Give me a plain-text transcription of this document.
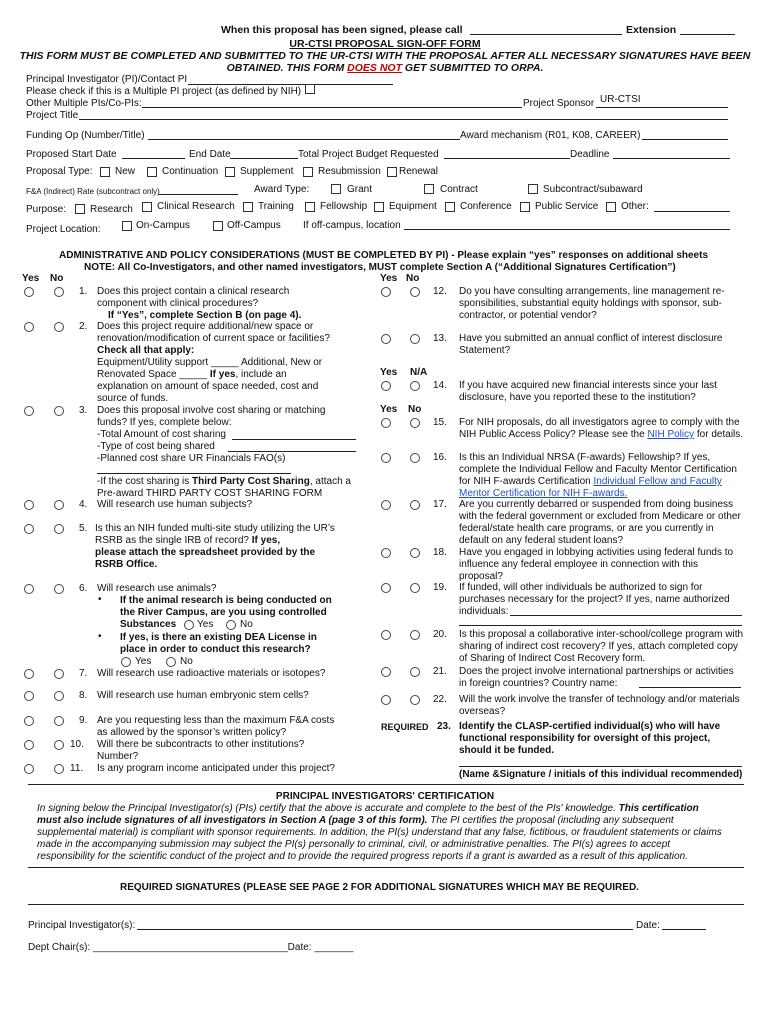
When this proposal has been signed, please call	Extension
UR-CTSI PROPOSAL SIGN-OFF FORM
THIS FORM MUST BE COMPLETED AND SUBMITTED TO THE UR-CTSI WITH THE PROPOSAL AFTER ALL NECESSARY SIGNATURES HAVE BEEN
OBTAINED. THIS FORM DOES NOT GET SUBMITTED TO ORPA.
Principal Investigator (PI)/Contact PI
Please check if this is a Multiple PI project (as defined by NIH)
Other Multiple PIs/Co-PIs:	Project Sponsor UR-CTSI
Project Title
Funding Op (Number/Title)	Award mechanism (R01, K08, CAREER)
Proposed Start Date	End Date	Total Project Budget Requested	Deadline
Proposal Type: New	Continuation Supplement Resubmission Renewal
F&A (Indirect) Rate (subcontract only)	Award Type:	Grant	Contract	Subcontract/subaward
Purpose: Research Clinical Research Training	Fellowship Equipment Conference Public Service Other:
Project Location:	On-Campus	Off-Campus If off-campus, location
ADMINISTRATIVE AND POLICY CONSIDERATIONS (MUST BE COMPLETED BY PI) - Please explain “yes” responses on additional sheets
NOTE: All Co-Investigators, and other named investigators, MUST complete Section A (“Additional Signatures Certification”)
Yes No	Yes No
1. Does this project contain a clinical research
component with clinical procedures?
If “Yes”, complete Section B (on page 4).
2. Does this project require additional/new space or
renovation/modification of current space or facilities?
Check all that apply:
Equipment/Utility support _____ Additional, New or
Renovated Space _____ If yes, include an
explanation on amount of space needed, cost and
source of funds.
3. Does this proposal involve cost sharing or matching
funds? If yes, complete below:
-Total Amount of cost sharing
-Type of cost being shared
-Planned cost share UR Financials FAO(s)
-If the cost sharing is Third Party Cost Sharing, attach a
Pre-award THIRD PARTY COST SHARING FORM
4. Will research use human subjects?
5. Is this an NIH funded multi-site study utilizing the UR’s
RSRB as the single IRB of record? If yes,
please attach the spreadsheet provided by the
RSRB Office.
6. Will research use animals?
• If the animal research is being conducted on
the River Campus, are you using controlled
Substances Yes	No
• If yes, is there an existing DEA License in
place in order to conduct this research?
Yes	No
7. Will research use radioactive materials or isotopes?
8. Will research use human embryonic stem cells?
9. Are you requesting less than the maximum F&A costs
as allowed by the sponsor’s written policy?
10. Will there be subcontracts to other institutions?
Number?
11. Is any program income anticipated under this project?
12. Do you have consulting arrangements, line management re-
sponsibilities, substantial equity holdings with sponsor, sub-
contractor, or potential vendor?
13. Have you submitted an annual conflict of interest disclosure
Statement?
Yes N/A
14. If you have acquired new financial interests since your last
disclosure, have you reported these to the institution?
Yes No
15. For NIH proposals, do all investigators agree to comply with the
NIH Public Access Policy? Please see the NIH Policy for details.
16. Is this an Individual NRSA (F-awards) Fellowship? If yes,
complete the Individual Fellow and Faculty Mentor Certification
for NIH F-awards Certification Individual Fellow and Faculty
Mentor Certification for NIH F-awards.
17. Are you currently debarred or suspended from doing business
with the federal government or excluded from Medicare or other
federal/state health care programs, or are you currently in
default on any federal student loans?
18. Have you engaged in lobbying activities using federal funds to
influence any federal employee in connection with this
proposal?
19. If funded, will other individuals be authorized to sign for
purchases necessary for the project? If yes, name authorized
individuals:
20. Is this proposal a collaborative inter-school/college program with
sharing of indirect cost recovery? If yes, attach completed copy
of Sharing of Indirect Cost Recovery form.
21. Does the project involve international partnerships or activities
in foreign countries? Country name:
22. Will the work involve the transfer of technology and/or materials
overseas?
REQUIRED 23. Identify the CLASP-certified individual(s) who will have
functional responsibility for oversight of this project,
should it be funded.
(Name &Signature / initials of this individual recommended)
PRINCIPAL INVESTIGATORS' CERTIFICATION
In signing below the Principal Investigator(s) (PIs) certify that the above is accurate and complete to the best of the PIs' knowledge. This certification
must also include signatures of all investigators in Section A (page 3 of this form). The PI certifies the proposal (including any subsequent
supplemental material) is compliant with sponsor requirements. In addition, the PI(s) understand that any false, fictitious, or fraudulent statements or claims
made in the accompanying submission may subject the PI(s) personally to criminal, civil, or administrative penalties. The PI(s) agrees to accept
responsibility for the scientific conduct of the project and to provide the required progress reports if a grant is awarded as a result of this application.
REQUIRED SIGNATURES (PLEASE SEE PAGE 2 FOR ADDITIONAL SIGNATURES WHICH MAY BE REQUIRED.
Principal Investigator(s):	Date:
Dept Chair(s): ___________________________________Date: _______
